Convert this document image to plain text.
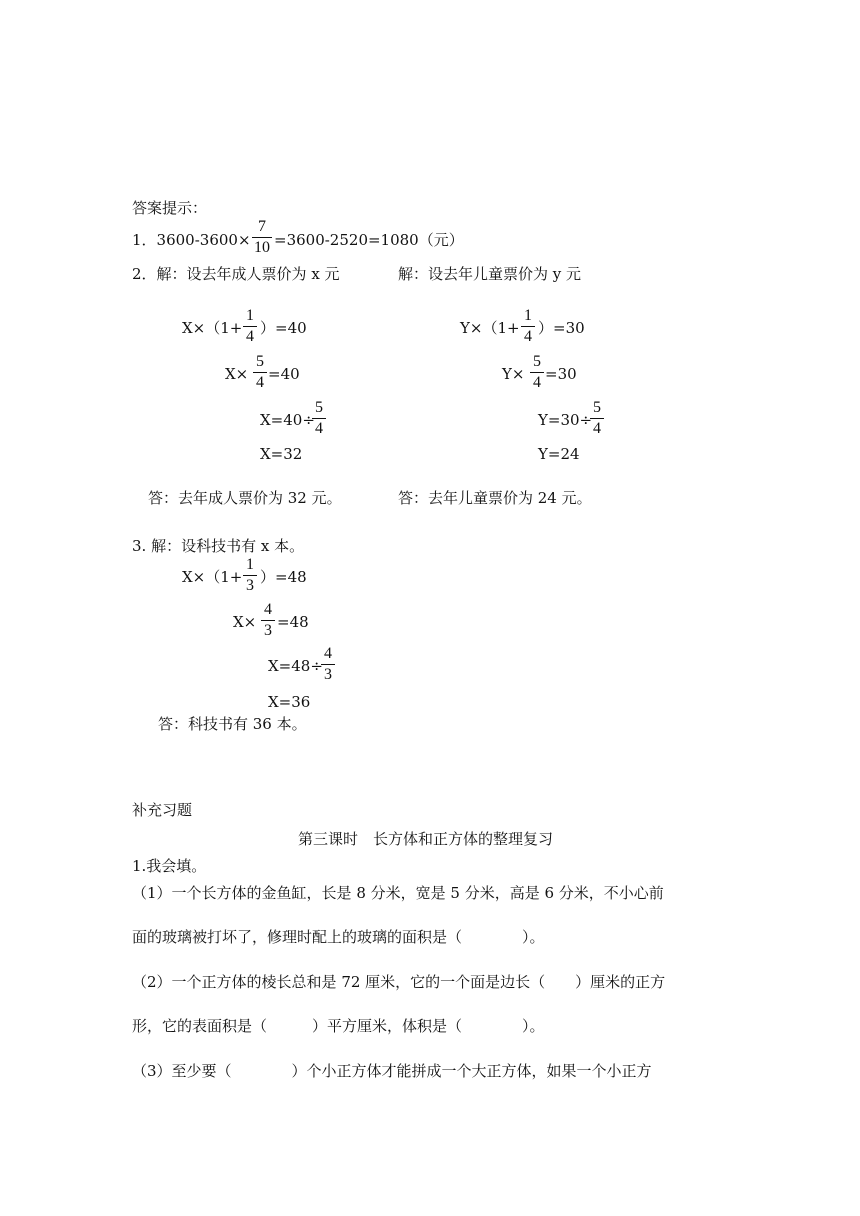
答案提示：
1．3600-3600×
7
10 =3600-2520=1080（元）
2．解：设去年成人票价为 x 元	解：设去年儿童票价为 y 元
X×（1+
1
4 ）=40
X×
5
4 =40
X=40÷
5
4
X=32
Y×（1+
1
4 ）=30
Y×
5
4 =30
Y=30÷
5
4
Y=24
答：去年成人票价为 32 元。	答：去年儿童票价为 24 元。
3. 解：设科技书有 x 本。
X×（1+
1
3 ）=48
X×
4
3 =48
X=48÷
4
3
X=36
答：科技书有 36 本。
补充习题
第三课时　长方体和正方体的整理复习
1.我会填。
（1）一个长方体的金鱼缸，长是 8 分米，宽是 5 分米，高是 6 分米，不小心前
面的玻璃被打坏了，修理时配上的玻璃的面积是（　　　　）。
（2）一个正方体的棱长总和是 72 厘米，它的一个面是边长（　　）厘米的正方
形，它的表面积是（　　　）平方厘米，体积是（　　　　）。
（3）至少要（　　　　）个小正方体才能拼成一个大正方体，如果一个小正方
